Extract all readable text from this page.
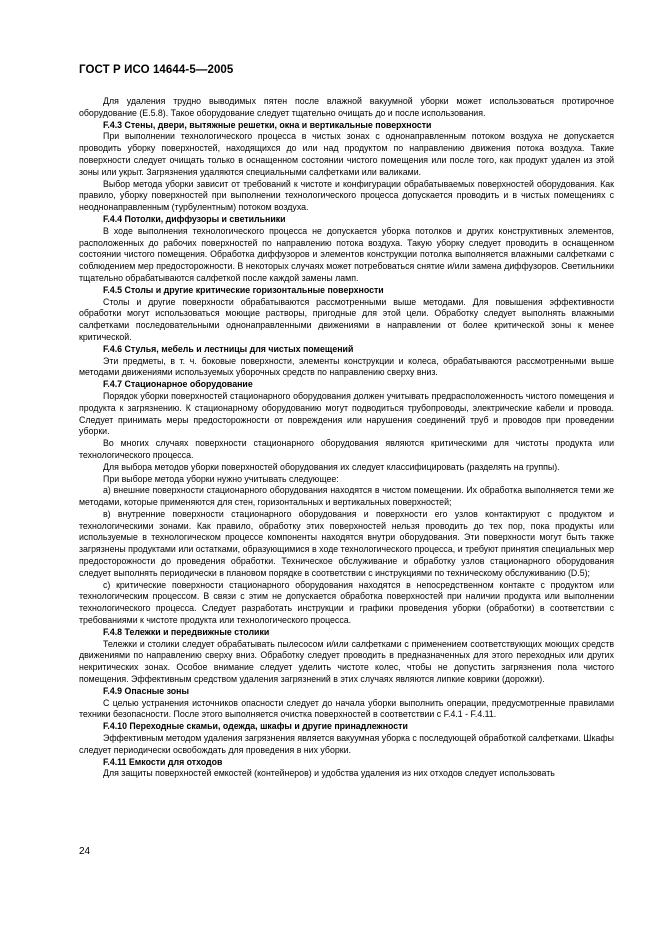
ГОСТ Р ИСО 14644-5—2005

Для удаления трудно выводимых пятен после влажной вакуумной уборки может использоваться протирочное оборудование (Е.5.8). Такое оборудование следует тщательно очищать до и после использования.

F.4.3 Стены, двери, вытяжные решетки, окна и вертикальные поверхности

При выполнении технологического процесса в чистых зонах с однонаправленным потоком воздуха не допускается проводить уборку поверхностей, находящихся до или над продуктом по направлению движения потока воздуха. Такие поверхности следует очищать только в оснащенном состоянии чистого помещения или после того, как продукт удален из этой зоны или укрыт. Загрязнения удаляются специальными салфетками или валиками.

Выбор метода уборки зависит от требований к чистоте и конфигурации обрабатываемых поверхностей оборудования. Как правило, уборку поверхностей при выполнении технологического процесса допускается проводить и в чистых помещениях с неоднонаправленным (турбулентным) потоком воздуха.

F.4.4 Потолки, диффузоры и светильники

В ходе выполнения технологического процесса не допускается уборка потолков и других конструктивных элементов, расположенных до рабочих поверхностей по направлению потока воздуха. Такую уборку следует проводить в оснащенном состоянии чистого помещения. Обработка диффузоров и элементов конструкции потолка выполняется влажными салфетками с соблюдением мер предосторожности. В некоторых случаях может потребоваться снятие и/или замена диффузоров. Светильники тщательно обрабатываются салфеткой после каждой замены ламп.

F.4.5 Столы и другие критические горизонтальные поверхности

Столы и другие поверхности обрабатываются рассмотренными выше методами. Для повышения эффективности обработки могут использоваться моющие растворы, пригодные для этой цели. Обработку следует выполнять влажными салфетками последовательными однонаправленными движениями в направлении от более критической зоны к менее критической.

F.4.6 Стулья, мебель и лестницы для чистых помещений

Эти предметы, в т. ч. боковые поверхности, элементы конструкции и колеса, обрабатываются рассмотренными выше методами движениями используемых уборочных средств по направлению сверху вниз.

F.4.7 Стационарное оборудование

Порядок уборки поверхностей стационарного оборудования должен учитывать предрасположенность чистого помещения и продукта к загрязнению. К стационарному оборудованию могут подводиться трубопроводы, электрические кабели и провода. Следует принимать меры предосторожности от повреждения или нарушения соединений труб и проводов при проведении уборки.

Во многих случаях поверхности стационарного оборудования являются критическими для чистоты продукта или технологического процесса.

Для выбора методов уборки поверхностей оборудования их следует классифицировать (разделять на группы).

При выборе метода уборки нужно учитывать следующее:

а) внешние поверхности стационарного оборудования находятся в чистом помещении. Их обработка выполняется теми же методами, которые применяются для стен, горизонтальных и вертикальных поверхностей;

в) внутренние поверхности стационарного оборудования и поверхности его узлов контактируют с продуктом и технологическими зонами. Как правило, обработку этих поверхностей нельзя проводить до тех пор, пока продукты или используемые в технологическом процессе компоненты находятся внутри оборудования. Эти поверхности могут быть также загрязнены продуктами или остатками, образующимися в ходе технологического процесса, и требуют принятия специальных мер предосторожности до проведения обработки. Техническое обслуживание и обработку узлов стационарного оборудования следует выполнять периодически в плановом порядке в соответствии с инструкциями по техническому обслуживанию (D.5);

с) критические поверхности стационарного оборудования находятся в непосредственном контакте с продуктом или технологическим процессом. В связи с этим не допускается обработка поверхностей при наличии продукта или выполнении технологического процесса. Следует разработать инструкции и графики проведения уборки (обработки) в соответствии с требованиями к чистоте продукта или технологического процесса.

F.4.8 Тележки и передвижные столики

Тележки и столики следует обрабатывать пылесосом и/или салфетками с применением соответствующих моющих средств движениями по направлению сверху вниз. Обработку следует проводить в предназначенных для этого переходных или других некритических зонах. Особое внимание следует уделить чистоте колес, чтобы не допустить загрязнения пола чистого помещения. Эффективным средством удаления загрязнений в этих случаях являются липкие коврики (дорожки).

F.4.9 Опасные зоны

С целью устранения источников опасности следует до начала уборки выполнить операции, предусмотренные правилами техники безопасности. После этого выполняется очистка поверхностей в соответствии с F.4.1 - F.4.11.

F.4.10 Переходные скамьи, одежда, шкафы и другие принадлежности

Эффективным методом удаления загрязнения является вакуумная уборка с последующей обработкой салфетками. Шкафы следует периодически освобождать для проведения в них уборки.

F.4.11 Емкости для отходов

Для защиты поверхностей емкостей (контейнеров) и удобства удаления из них отходов следует использовать

24
